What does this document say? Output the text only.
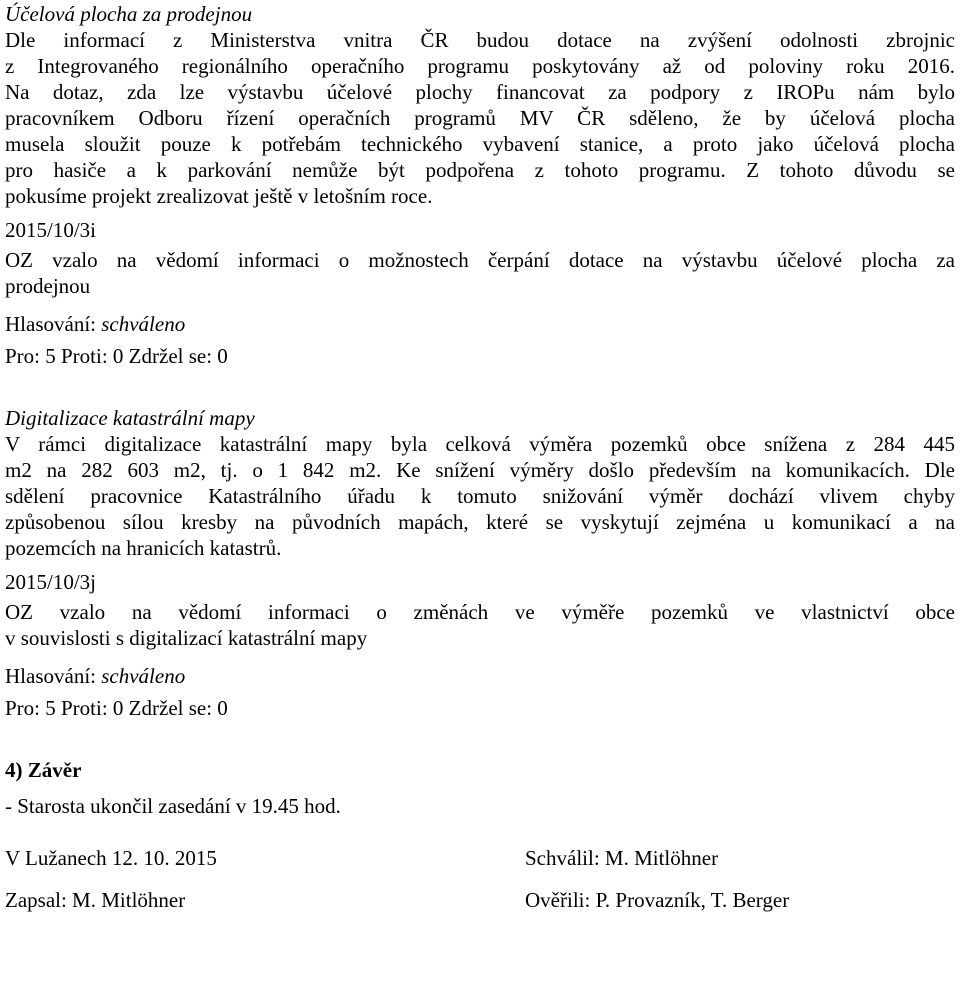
Účelová plocha za prodejnou
Dle informací z Ministerstva vnitra ČR budou dotace na zvýšení odolnosti zbrojnic
z Integrovaného regionálního operačního programu poskytovány až od poloviny roku 2016.
Na dotaz, zda lze výstavbu účelové plochy financovat za podpory z IROPu nám bylo
pracovníkem Odboru řízení operačních programů MV ČR sděleno, že by účelová plocha
musela sloužit pouze k potřebám technického vybavení stanice, a proto jako účelová plocha
pro hasiče a k parkování nemůže být podpořena z tohoto programu. Z tohoto důvodu se
pokusíme projekt zrealizovat ještě v letošním roce.
2015/10/3i
OZ vzalo na vědomí informaci o možnostech čerpání dotace na výstavbu účelové plocha za
prodejnou
Hlasování: schváleno
Pro: 5 Proti: 0 Zdržel se: 0
Digitalizace katastrální mapy
V rámci digitalizace katastrální mapy byla celková výměra pozemků obce snížena z 284 445
m2 na 282 603 m2, tj. o 1 842 m2. Ke snížení výměry došlo především na komunikacích. Dle
sdělení pracovnice Katastrálního úřadu k tomuto snižování výměr dochází vlivem chyby
způsobenou sílou kresby na původních mapách, které se vyskytují zejména u komunikací a na
pozemcích na hranicích katastrů.
2015/10/3j
OZ vzalo na vědomí informaci o změnách ve výměře pozemků ve vlastnictví obce
v souvislosti s digitalizací katastrální mapy
Hlasování: schváleno
Pro: 5 Proti: 0 Zdržel se: 0
4) Závěr
- Starosta ukončil zasedání v 19.45 hod.
V Lužanech 12. 10. 2015	Schválil: M. Mitlöhner
Zapsal: M. Mitlöhner	Ověřili: P. Provazník, T. Berger
